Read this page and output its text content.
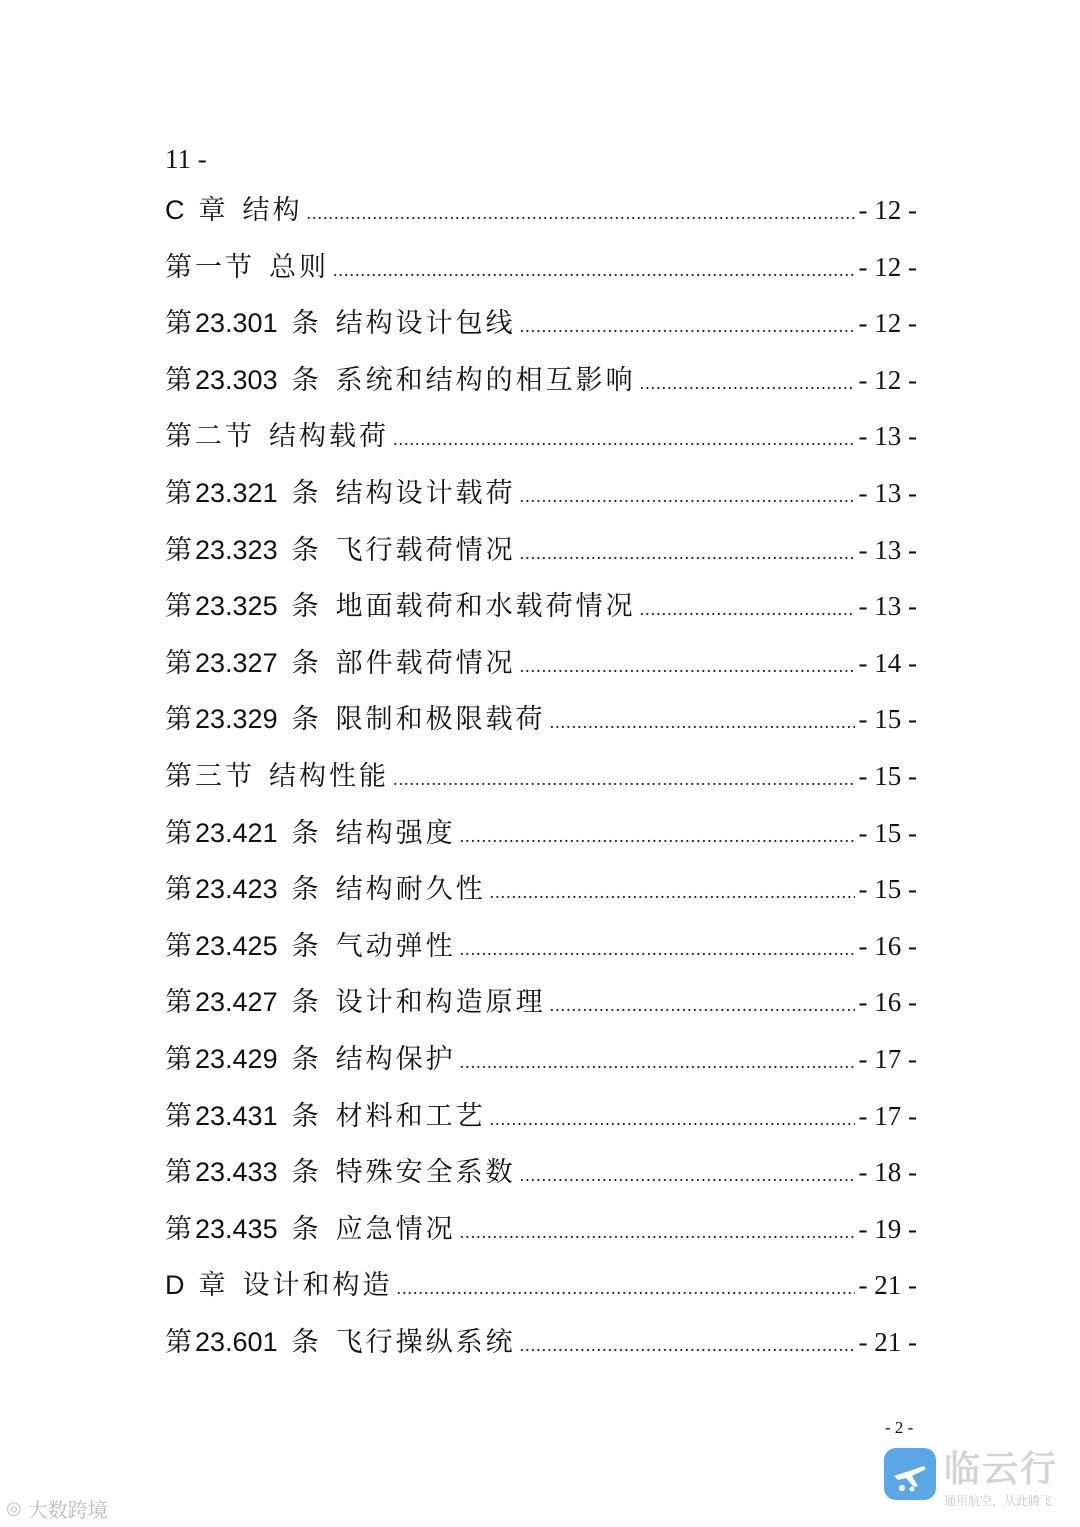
11 -
C 章 结构 .....	- 12 -
第一节 总则 .....	- 12 -
第23.301 条 结构设计包线 .....	- 12 -
第23.303 条 系统和结构的相互影响 .....	- 12 -
第二节 结构载荷 .....	- 13 -
第23.321 条 结构设计载荷 .....	- 13 -
第23.323 条 飞行载荷情况 .....	- 13 -
第23.325 条 地面载荷和水载荷情况 .....	- 13 -
第23.327 条 部件载荷情况 .....	- 14 -
第23.329 条 限制和极限载荷 .....	- 15 -
第三节 结构性能 .....	- 15 -
第23.421 条 结构强度 .....	- 15 -
第23.423 条 结构耐久性 .....	- 15 -
第23.425 条 气动弹性 .....	- 16 -
第23.427 条 设计和构造原理 .....	- 16 -
第23.429 条 结构保护 .....	- 17 -
第23.431 条 材料和工艺 .....	- 17 -
第23.433 条 特殊安全系数 .....	- 18 -
第23.435 条 应急情况 .....	- 19 -
D 章 设计和构造 .....	- 21 -
第23.601 条 飞行操纵系统 .....	- 21 -
- 2 -
◎ 大数跨境
临云行
通用航空，从此腾飞
